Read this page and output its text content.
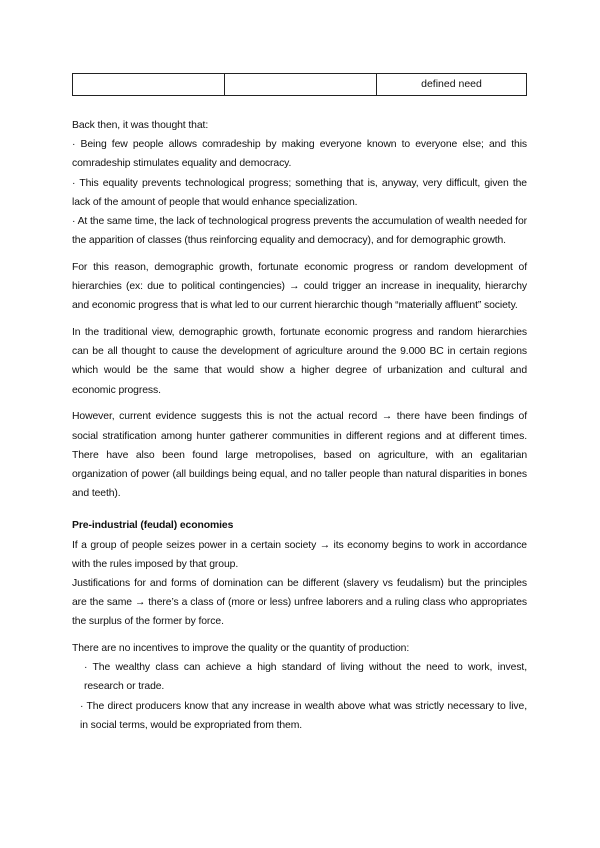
		defined need

Back then, it was thought that:

· Being few people allows comradeship by making everyone known to everyone else; and this comradeship stimulates equality and democracy.

· This equality prevents technological progress; something that is, anyway, very difficult, given the lack of the amount of people that would enhance specialization.

· At the same time, the lack of technological progress prevents the accumulation of wealth needed for the apparition of classes (thus reinforcing equality and democracy), and for demographic growth.

For this reason, demographic growth, fortunate economic progress or random development of hierarchies (ex: due to political contingencies) → could trigger an increase in inequality, hierarchy and economic progress that is what led to our current hierarchic though “materially affluent” society.

In the traditional view, demographic growth, fortunate economic progress and random hierarchies can be all thought to cause the development of agriculture around the 9.000 BC in certain regions which would be the same that would show a higher degree of urbanization and cultural and economic progress.

However, current evidence suggests this is not the actual record → there have been findings of social stratification among hunter gatherer communities in different regions and at different times. There have also been found large metropolises, based on agriculture, with an egalitarian organization of power (all buildings being equal, and no taller people than natural disparities in bones and teeth).

Pre-industrial (feudal) economies

If a group of people seizes power in a certain society → its economy begins to work in accordance with the rules imposed by that group.

Justifications for and forms of domination can be different (slavery vs feudalism) but the principles are the same → there’s a class of (more or less) unfree laborers and a ruling class who appropriates the surplus of the former by force.

There are no incentives to improve the quality or the quantity of production:

· The wealthy class can achieve a high standard of living without the need to work, invest, research or trade.

· The direct producers know that any increase in wealth above what was strictly necessary to live, in social terms, would be expropriated from them.
